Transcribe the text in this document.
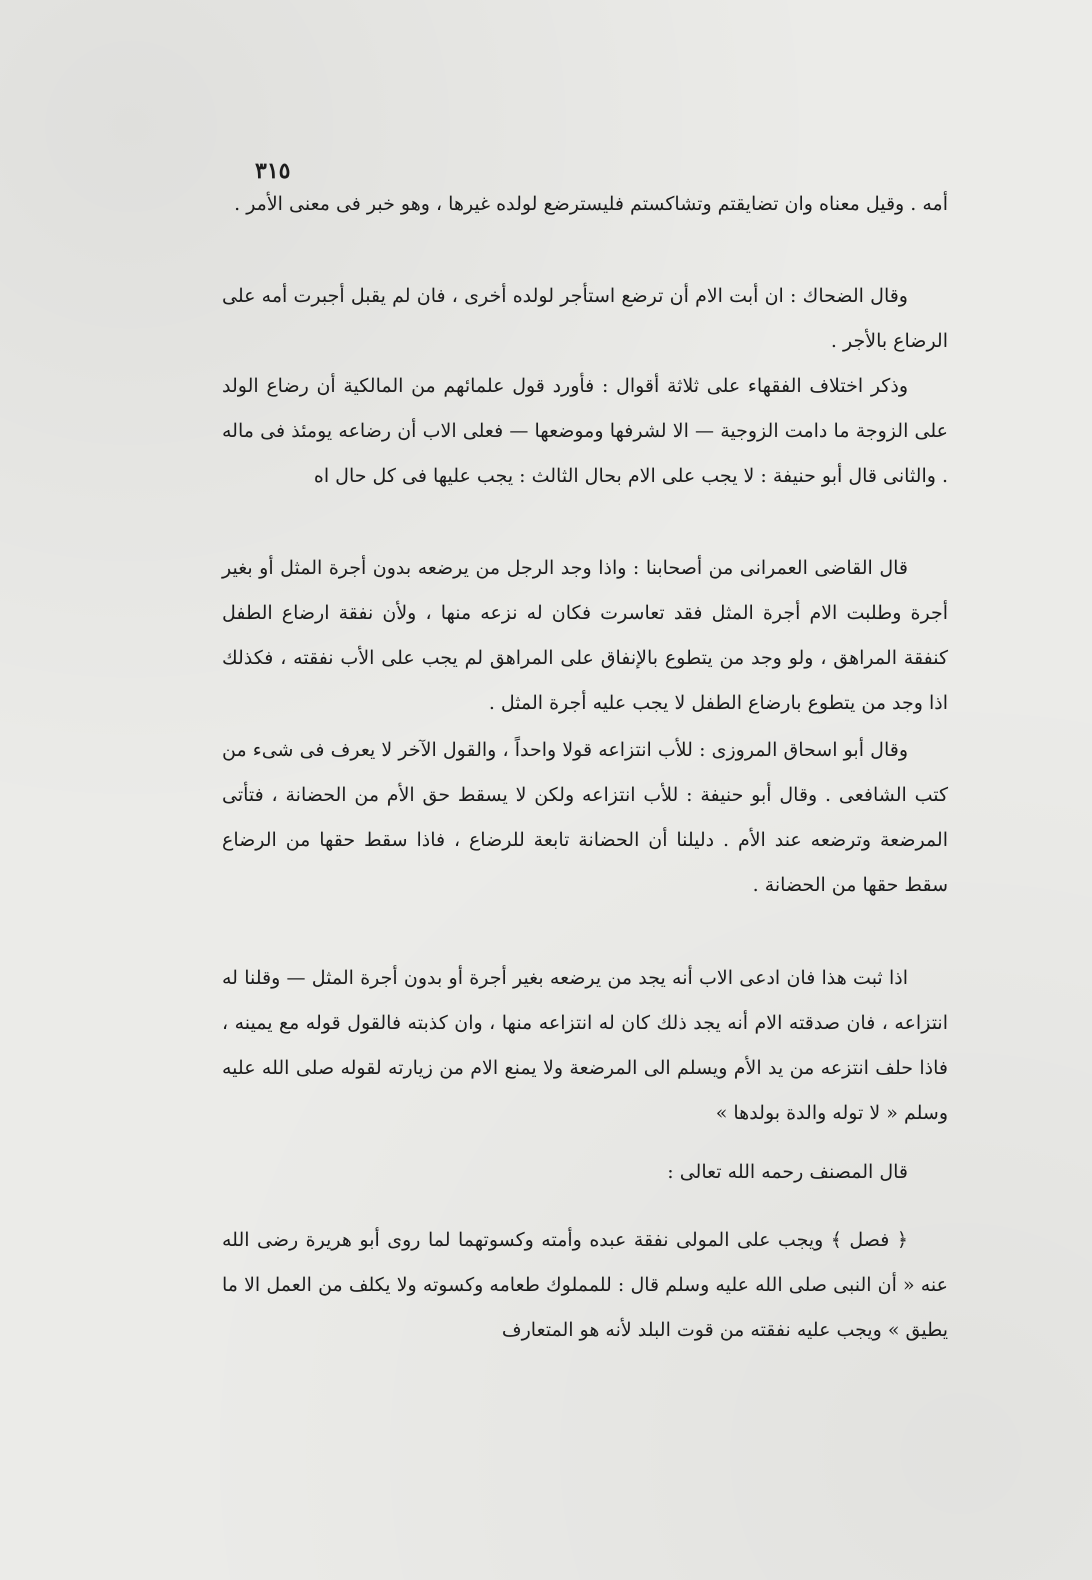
٣١٥

أمه . وقيل معناه وان تضايقتم وتشاكستم فليسترضع لولده غيرها ، وهو خبر فى معنى الأمر .

وقال الضحاك : ان أبت الام أن ترضع استأجر لولده أخرى ، فان لم يقبل أجبرت أمه على الرضاع بالأجر .

وذكر اختلاف الفقهاء على ثلاثة أقوال : فأورد قول علمائهم من المالكية أن رضاع الولد على الزوجة ما دامت الزوجية — الا لشرفها وموضعها — فعلى الاب أن رضاعه يومئذ فى ماله . والثانى قال أبو حنيفة : لا يجب على الام بحال الثالث : يجب عليها فى كل حال اه

قال القاضى العمرانى من أصحابنا : واذا وجد الرجل من يرضعه بدون أجرة المثل أو بغير أجرة وطلبت الام أجرة المثل فقد تعاسرت فكان له نزعه منها ، ولأن نفقة ارضاع الطفل كنفقة المراهق ، ولو وجد من يتطوع بالإنفاق على المراهق لم يجب على الأب نفقته ، فكذلك اذا وجد من يتطوع بارضاع الطفل لا يجب عليه أجرة المثل .

وقال أبو اسحاق المروزى : للأب انتزاعه قولا واحداً ، والقول الآخر لا يعرف فى شىء من كتب الشافعى . وقال أبو حنيفة : للأب انتزاعه ولكن لا يسقط حق الأم من الحضانة ، فتأتى المرضعة وترضعه عند الأم . دليلنا أن الحضانة تابعة للرضاع ، فاذا سقط حقها من الرضاع سقط حقها من الحضانة .

اذا ثبت هذا فان ادعى الاب أنه يجد من يرضعه بغير أجرة أو بدون أجرة المثل — وقلنا له انتزاعه ، فان صدقته الام أنه يجد ذلك كان له انتزاعه منها ، وان كذبته فالقول قوله مع يمينه ، فاذا حلف انتزعه من يد الأم ويسلم الى المرضعة ولا يمنع الام من زيارته لقوله صلى الله عليه وسلم « لا توله والدة بولدها »

قال المصنف رحمه الله تعالى :

﴿ فصل ﴾ ويجب على المولى نفقة عبده وأمته وكسوتهما لما روى أبو هريرة رضى الله عنه « أن النبى صلى الله عليه وسلم قال : للمملوك طعامه وكسوته ولا يكلف من العمل الا ما يطيق » ويجب عليه نفقته من قوت البلد لأنه هو المتعارف
